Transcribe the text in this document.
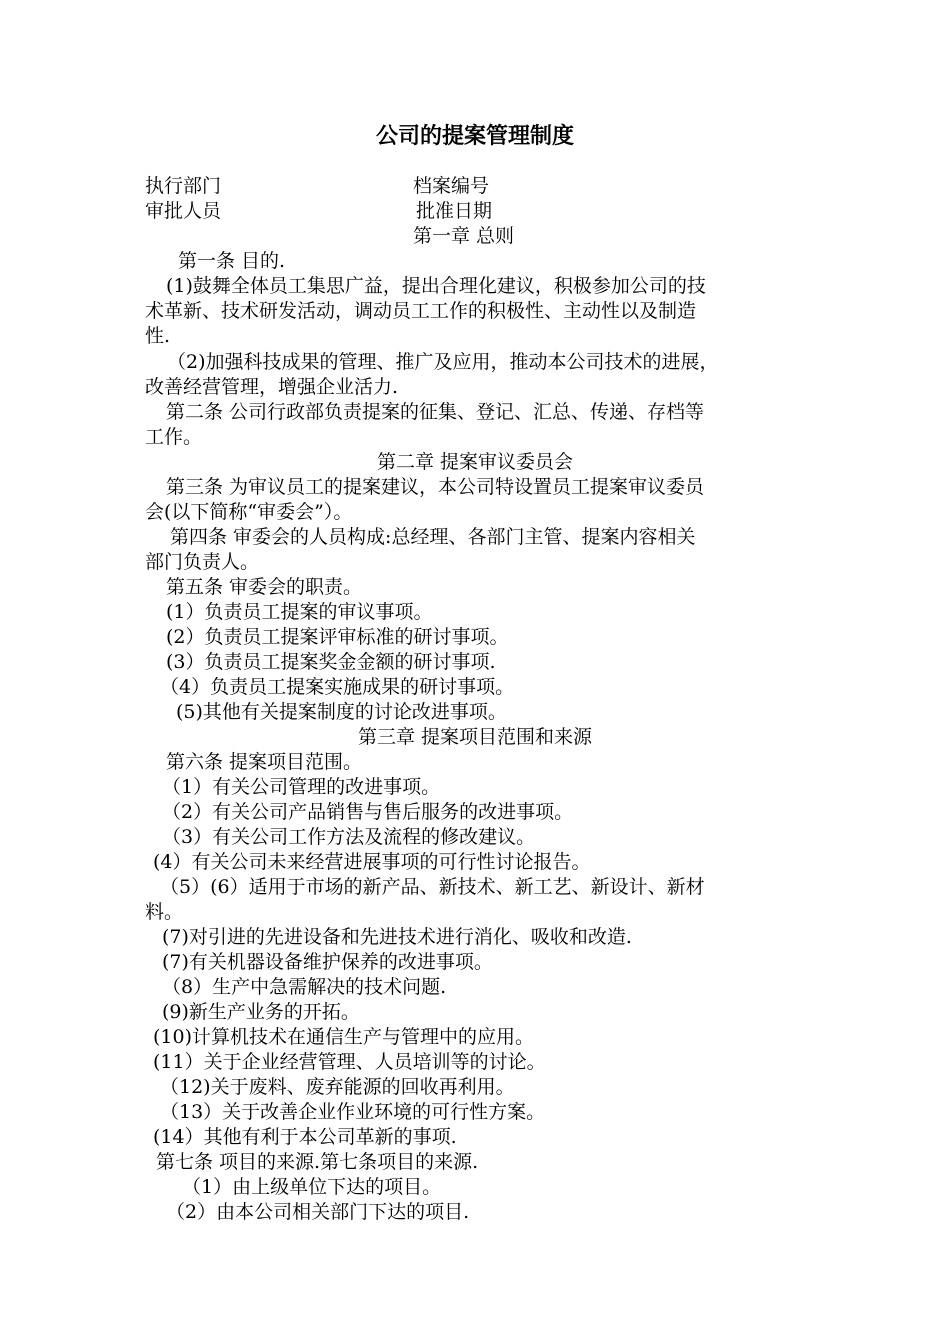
公司的提案管理制度
执行部门	档案编号
审批人员	批准日期
第一章 总则
第一条 目的.
(1)鼓舞全体员工集思广益，提出合理化建议，积极参加公司的技
术革新、技术研发活动，调动员工工作的积极性、主动性以及制造
性.
（2)加强科技成果的管理、推广及应用，推动本公司技术的进展，
改善经营管理，增强企业活力.
第二条 公司行政部负责提案的征集、登记、汇总、传递、存档等
工作。
第二章 提案审议委员会
第三条 为审议员工的提案建议，本公司特设置员工提案审议委员
会(以下简称“审委会”）。
第四条 审委会的人员构成:总经理、各部门主管、提案内容相关
部门负责人。
第五条 审委会的职责。
(1）负责员工提案的审议事项。
(2）负责员工提案评审标准的研讨事项。
(3）负责员工提案奖金金额的研讨事项.
（4）负责员工提案实施成果的研讨事项。
(5)其他有关提案制度的讨论改进事项。
第三章 提案项目范围和来源
第六条 提案项目范围。
（1）有关公司管理的改进事项。
（2）有关公司产品销售与售后服务的改进事项。
（3）有关公司工作方法及流程的修改建议。
(4）有关公司未来经营进展事项的可行性讨论报告。
（5）(6）适用于市场的新产品、新技术、新工艺、新设计、新材
料。
(7)对引进的先进设备和先进技术进行消化、吸收和改造.
(7)有关机器设备维护保养的改进事项。
（8）生产中急需解决的技术问题.
(9)新生产业务的开拓。
(10)计算机技术在通信生产与管理中的应用。
(11）关于企业经营管理、人员培训等的讨论。
（12)关于废料、废弃能源的回收再利用。
（13）关于改善企业作业环境的可行性方案。
(14）其他有利于本公司革新的事项.
第七条 项目的来源.第七条项目的来源.
（1）由上级单位下达的项目。
（2）由本公司相关部门下达的项目.
